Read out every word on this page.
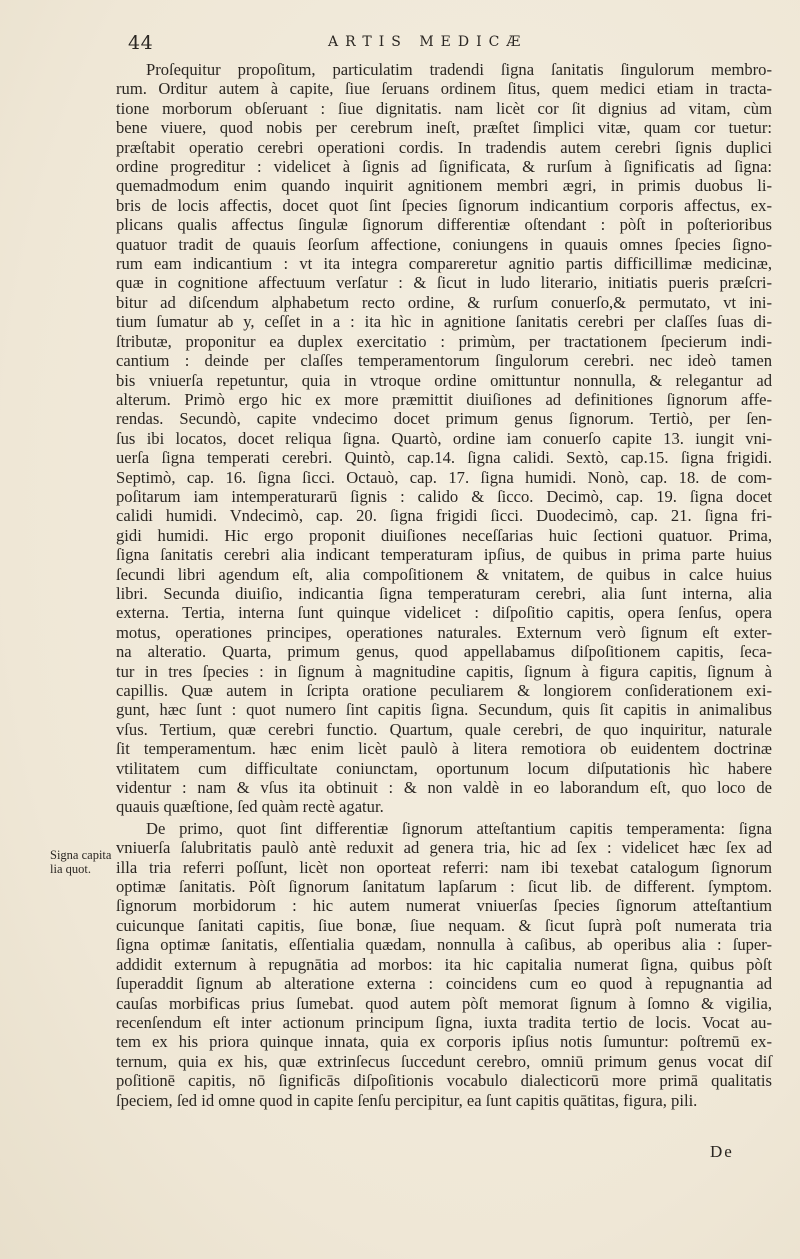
44	ARTIS MEDICÆ
Proſequitur propoſitum, particulatim tradendi ſigna ſanitatis ſingulorum membro-
rum. Orditur autem à capite, ſiue ſeruans ordinem ſitus, quem medici etiam in tracta-
tione morborum obſeruant : ſiue dignitatis. nam licèt cor ſit dignius ad vitam, cùm
bene viuere, quod nobis per cerebrum ineſt, præſtet ſimplici vitæ, quam cor tuetur:
præſtabit operatio cerebri operationi cordis. In tradendis autem cerebri ſignis duplici
ordine progreditur : videlicet à ſignis ad ſignificata, & rurſum à ſignificatis ad ſigna:
quemadmodum enim quando inquirit agnitionem membri ægri, in primis duobus li-
bris de locis affectis, docet quot ſint ſpecies ſignorum indicantium corporis affectus, ex-
plicans qualis affectus ſingulæ ſignorum differentiæ oſtendant : pòſt in poſterioribus
quatuor tradit de quauis ſeorſum affectione, coniungens in quauis omnes ſpecies ſigno-
rum eam indicantium : vt ita integra compareretur agnitio partis difficillimæ medicinæ,
quæ in cognitione affectuum verſatur : & ſicut in ludo literario, initiatis pueris præſcri-
bitur ad diſcendum alphabetum recto ordine, & rurſum conuerſo,& permutato, vt ini-
tium ſumatur ab y, ceſſet in a : ita hìc in agnitione ſanitatis cerebri per claſſes ſuas di-
ſtributæ, proponitur ea duplex exercitatio : primùm, per tractationem ſpecierum indi-
cantium : deinde per claſſes temperamentorum ſingulorum cerebri. nec ideò tamen
bis vniuerſa repetuntur, quia in vtroque ordine omittuntur nonnulla, & relegantur ad
alterum. Primò ergo hic ex more præmittit diuiſiones ad definitiones ſignorum affe-
rendas. Secundò, capite vndecimo docet primum genus ſignorum. Tertiò, per ſen-
ſus ibi locatos, docet reliqua ſigna. Quartò, ordine iam conuerſo capite 13. iungit vni-
uerſa ſigna temperati cerebri. Quintò, cap.14. ſigna calidi. Sextò, cap.15. ſigna frigidi.
Septimò, cap. 16. ſigna ſicci. Octauò, cap. 17. ſigna humidi. Nonò, cap. 18. de com-
poſitarum iam intemperaturarū ſignis : calido & ſicco. Decimò, cap. 19. ſigna docet
calidi humidi. Vndecimò, cap. 20. ſigna frigidi ſicci. Duodecimò, cap. 21. ſigna fri-
gidi humidi. Hic ergo proponit diuiſiones neceſſarias huic ſectioni quatuor. Prima,
ſigna ſanitatis cerebri alia indicant temperaturam ipſius, de quibus in prima parte huius
ſecundi libri agendum eſt, alia compoſitionem & vnitatem, de quibus in calce huius
libri. Secunda diuiſio, indicantia ſigna temperaturam cerebri, alia ſunt interna, alia
externa. Tertia, interna ſunt quinque videlicet : diſpoſitio capitis, opera ſenſus, opera
motus, operationes principes, operationes naturales. Externum verò ſignum eſt exter-
na alteratio. Quarta, primum genus, quod appellabamus diſpoſitionem capitis, ſeca-
tur in tres ſpecies : in ſignum à magnitudine capitis, ſignum à figura capitis, ſignum à
capillis. Quæ autem in ſcripta oratione peculiarem & longiorem conſiderationem exi-
gunt, hæc ſunt : quot numero ſint capitis ſigna. Secundum, quis ſit capitis in animalibus
vſus. Tertium, quæ cerebri functio. Quartum, quale cerebri, de quo inquiritur, naturale
ſit temperamentum. hæc enim licèt paulò à litera remotiora ob euidentem doctrinæ
vtilitatem cum difficultate coniunctam, oportunum locum diſputationis hìc habere
videntur : nam & vſus ita obtinuit : & non valdè in eo laborandum eſt, quo loco de
quauis quæſtione, ſed quàm rectè agatur.
De primo, quot ſint differentiæ ſignorum atteſtantium capitis temperamenta: ſigna
vniuerſa ſalubritatis paulò antè reduxit ad genera tria, hic ad ſex : videlicet hæc ſex ad
illa tria referri poſſunt, licèt non oporteat referri: nam ibi texebat catalogum ſignorum
optimæ ſanitatis. Pòſt ſignorum ſanitatum lapſarum : ſicut lib. de different. ſymptom.
ſignorum morbidorum : hic autem numerat vniuerſas ſpecies ſignorum atteſtantium
cuicunque ſanitati capitis, ſiue bonæ, ſiue nequam. & ſicut ſuprà poſt numerata tria
ſigna optimæ ſanitatis, eſſentialia quædam, nonnulla à caſibus, ab operibus alia : ſuper-
addidit externum à repugnātia ad morbos: ita hic capitalia numerat ſigna, quibus pòſt
ſuperaddit ſignum ab alteratione externa : coincidens cum eo quod à repugnantia ad
cauſas morbificas prius ſumebat. quod autem pòſt memorat ſignum à ſomno & vigilia,
recenſendum eſt inter actionum principum ſigna, iuxta tradita tertio de locis. Vocat au-
tem ex his priora quinque innata, quia ex corporis ipſius notis ſumuntur: poſtremū ex-
ternum, quia ex his, quæ extrinſecus ſuccedunt cerebro, omniū primum genus vocat diſ
poſitionē capitis, nō ſignificās diſpoſitionis vocabulo dialecticorū more primā qualitatis
ſpeciem, ſed id omne quod in capite ſenſu percipitur, ea ſunt capitis quātitas, figura, pili.
Signa capita
lia quot.
De
